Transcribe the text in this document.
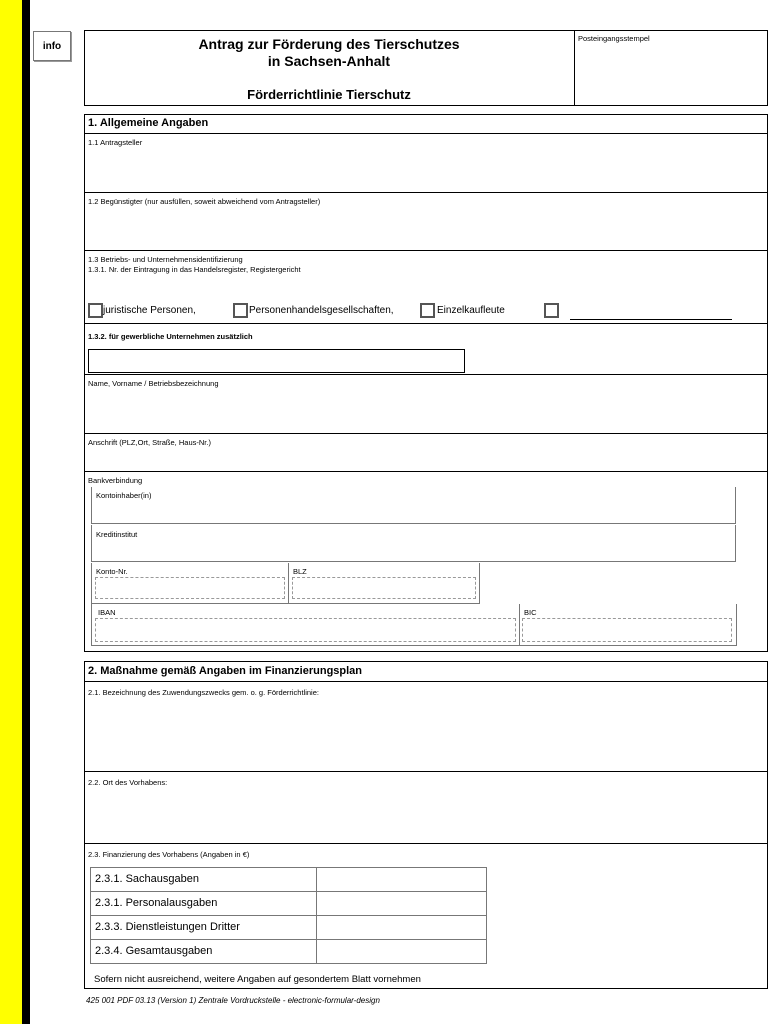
info	Antrag zur Förderung des Tierschutzes
in Sachsen-Anhalt
Förderrichtlinie Tierschutz
Posteingangsstempel
1. Allgemeine Angaben
1.1 Antragsteller
1.2 Begünstigter (nur ausfüllen, soweit abweichend vom Antragsteller)
1.3 Betriebs- und Unternehmensidentifizierung
1.3.1. Nr. der Eintragung in das Handelsregister, Registergericht
juristische Personen,	Personenhandelsgesellschaften,	Einzelkaufleute
1.3.2. für gewerbliche Unternehmen zusätzlich
Name, Vorname / Betriebsbezeichnung
Anschrift (PLZ,Ort, Straße, Haus-Nr.)
Bankverbindung
Kontoinhaber(in)
Kreditinstitut
Konto-Nr.	BLZ
IBAN	BIC
2. Maßnahme gemäß Angaben im Finanzierungsplan
2.1. Bezeichnung des Zuwendungszwecks gem. o. g. Förderrichtlinie:
2.2. Ort des Vorhabens:
2.3. Finanzierung des Vorhabens (Angaben in €)
2.3.1. Sachausgaben
2.3.1. Personalausgaben
2.3.3. Dienstleistungen Dritter
2.3.4. Gesamtausgaben
Sofern nicht ausreichend, weitere Angaben auf gesondertem Blatt vornehmen
425 001 PDF 03.13 (Version 1) Zentrale Vordruckstelle - electronic-formular-design
